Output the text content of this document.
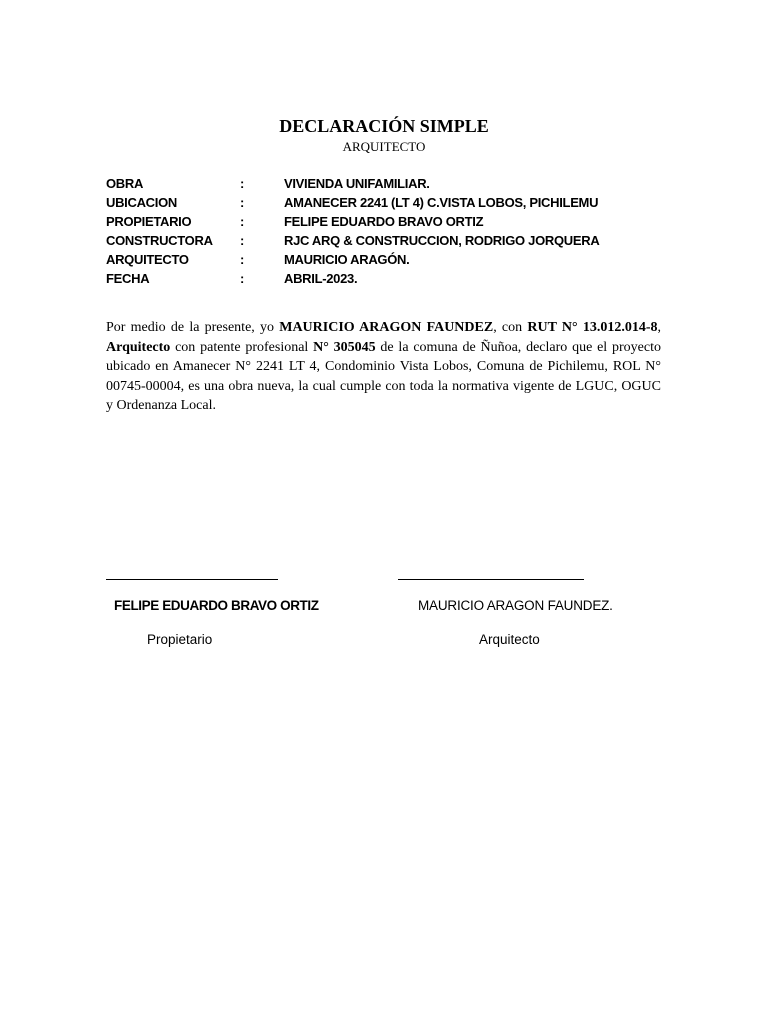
DECLARACIÓN SIMPLE
ARQUITECTO
OBRA	:	VIVIENDA UNIFAMILIAR.
UBICACION	:	AMANECER 2241 (LT 4) C.VISTA LOBOS, PICHILEMU
PROPIETARIO	:	FELIPE EDUARDO BRAVO ORTIZ
CONSTRUCTORA :	RJC ARQ & CONSTRUCCION, RODRIGO JORQUERA
ARQUITECTO	:	MAURICIO ARAGÓN.
FECHA	:	ABRIL-2023.

Por medio de la presente, yo MAURICIO ARAGON FAUNDEZ, con RUT N° 13.012.014-8, Arquitecto con patente profesional N° 305045 de la comuna de Ñuñoa, declaro que el proyecto ubicado en Amanecer N° 2241 LT 4, Condominio Vista Lobos, Comuna de Pichilemu, ROL N° 00745-00004, es una obra nueva, la cual cumple con toda la normativa vigente de LGUC, OGUC y Ordenanza Local.

FELIPE EDUARDO BRAVO ORTIZ	MAURICIO ARAGON FAUNDEZ.
Propietario	Arquitecto
